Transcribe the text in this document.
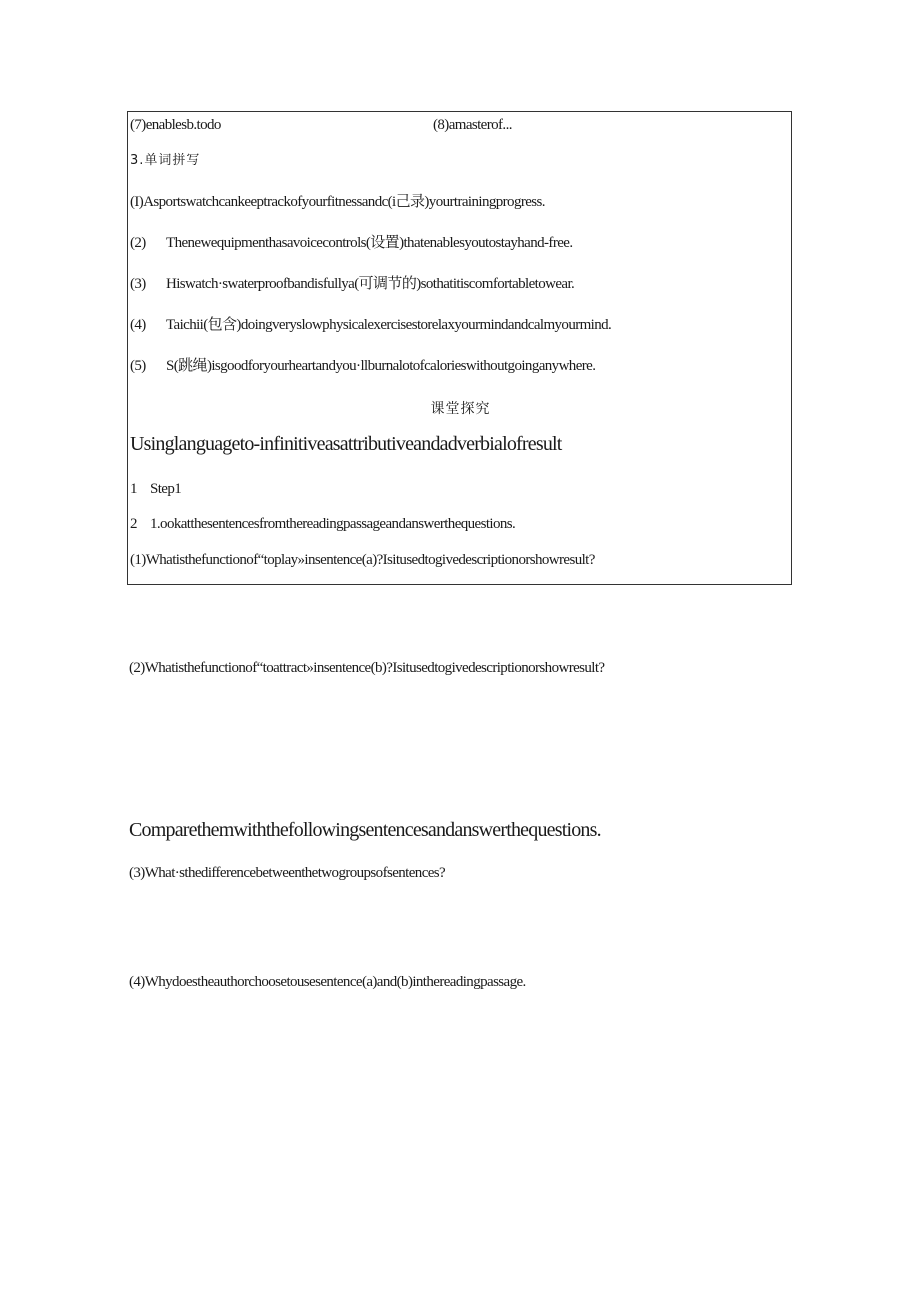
(7)enablesb.todo	(8)amasterof...
3.单词拼写
(I)Asportswatchcankeeptrackofyourfitnessandc(i己录)yourtrainingprogress.
(2) Thenewequipmenthasavoicecontrols(设置)thatenablesyoutostayhand-free.
(3) Hiswatch·swaterproofbandisfullya(可调节的)sothatitiscomfortabletowear.
(4) Taichii(包含)doingveryslowphysicalexercisestorelaxyourmindandcalmyourmind.
(5) S(跳绳)isgoodforyourheartandyou·llburnalotofcalorieswithoutgoinganywhere.
课堂探究
Usinglanguageto-infinitiveasattributiveandadverbialofresult
1 Step1
2 1.ookatthesentencesfromthereadingpassageandanswerthequestions.
(1)Whatisthefunctionof“toplay»insentence(a)?Isitusedtogivedescriptionorshowresult?
(2)Whatisthefunctionof“toattract»insentence(b)?Isitusedtogivedescriptionorshowresult?
Comparethemwiththefollowingsentencesandanswerthequestions.
(3)What·sthedifferencebetweenthetwogroupsofsentences?
(4)Whydoestheauthorchoosetousesentence(a)and(b)inthereadingpassage.
